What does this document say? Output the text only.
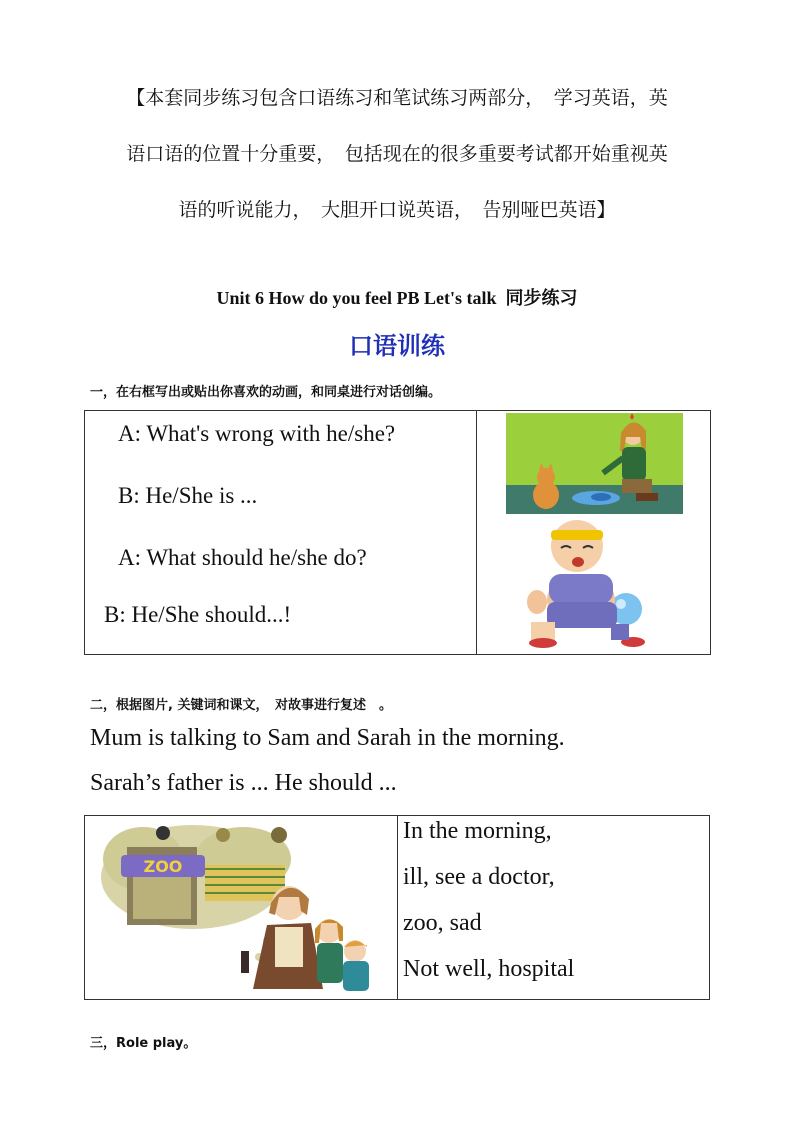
【本套同步练习包含口语练习和笔试练习两部分，　学习英语，英
语口语的位置十分重要，　包括现在的很多重要考试都开始重视英
语的听说能力，　大胆开口说英语，　告别哑巴英语】
Unit 6 How do you feel PB Let's talk 同步练习
口语训练
一，在右框写出或贴出你喜欢的动画，和同桌进行对话创编。
A: What's wrong with he/she?
B: He/She is ...
A: What should he/she do?
B: He/She should...!
二，根据图片, 关键词和课文，　对故事进行复述　。
Mum is talking to Sam and Sarah in the morning.
Sarah’s father is ... He should ...
ZOO
In the morning,
ill, see a doctor,
zoo, sad
Not well, hospital
三，Role play。
